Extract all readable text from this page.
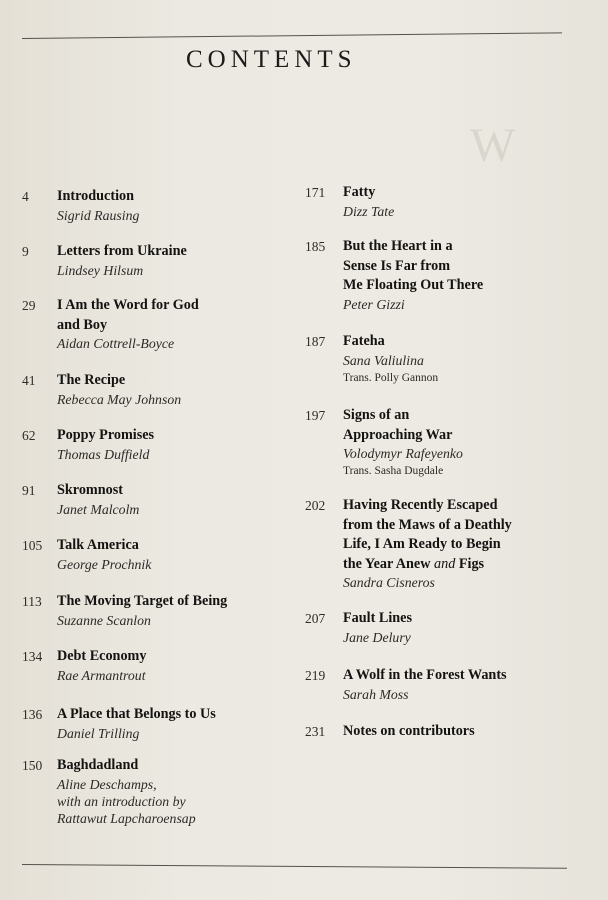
W
CONTENTS
4 Introduction
Sigrid Rausing
9 Letters from Ukraine
Lindsey Hilsum
29 I Am the Word for God
and Boy
Aidan Cottrell-Boyce
41 The Recipe
Rebecca May Johnson
62 Poppy Promises
Thomas Duffield
91 Skromnost
Janet Malcolm
105 Talk America
George Prochnik
113 The Moving Target of Being
Suzanne Scanlon
134 Debt Economy
Rae Armantrout
136 A Place that Belongs to Us
Daniel Trilling
150 Baghdadland
Aline Deschamps,
with an introduction by
Rattawut Lapcharoensap
171 Fatty
Dizz Tate
185 But the Heart in a
Sense Is Far from
Me Floating Out There
Peter Gizzi
187 Fateha
Sana Valiulina
Trans. Polly Gannon
197 Signs of an
Approaching War
Volodymyr Rafeyenko
Trans. Sasha Dugdale
202 Having Recently Escaped
from the Maws of a Deathly
Life, I Am Ready to Begin
the Year Anew and Figs
Sandra Cisneros
207 Fault Lines
Jane Delury
219 A Wolf in the Forest Wants
Sarah Moss
231 Notes on contributors
